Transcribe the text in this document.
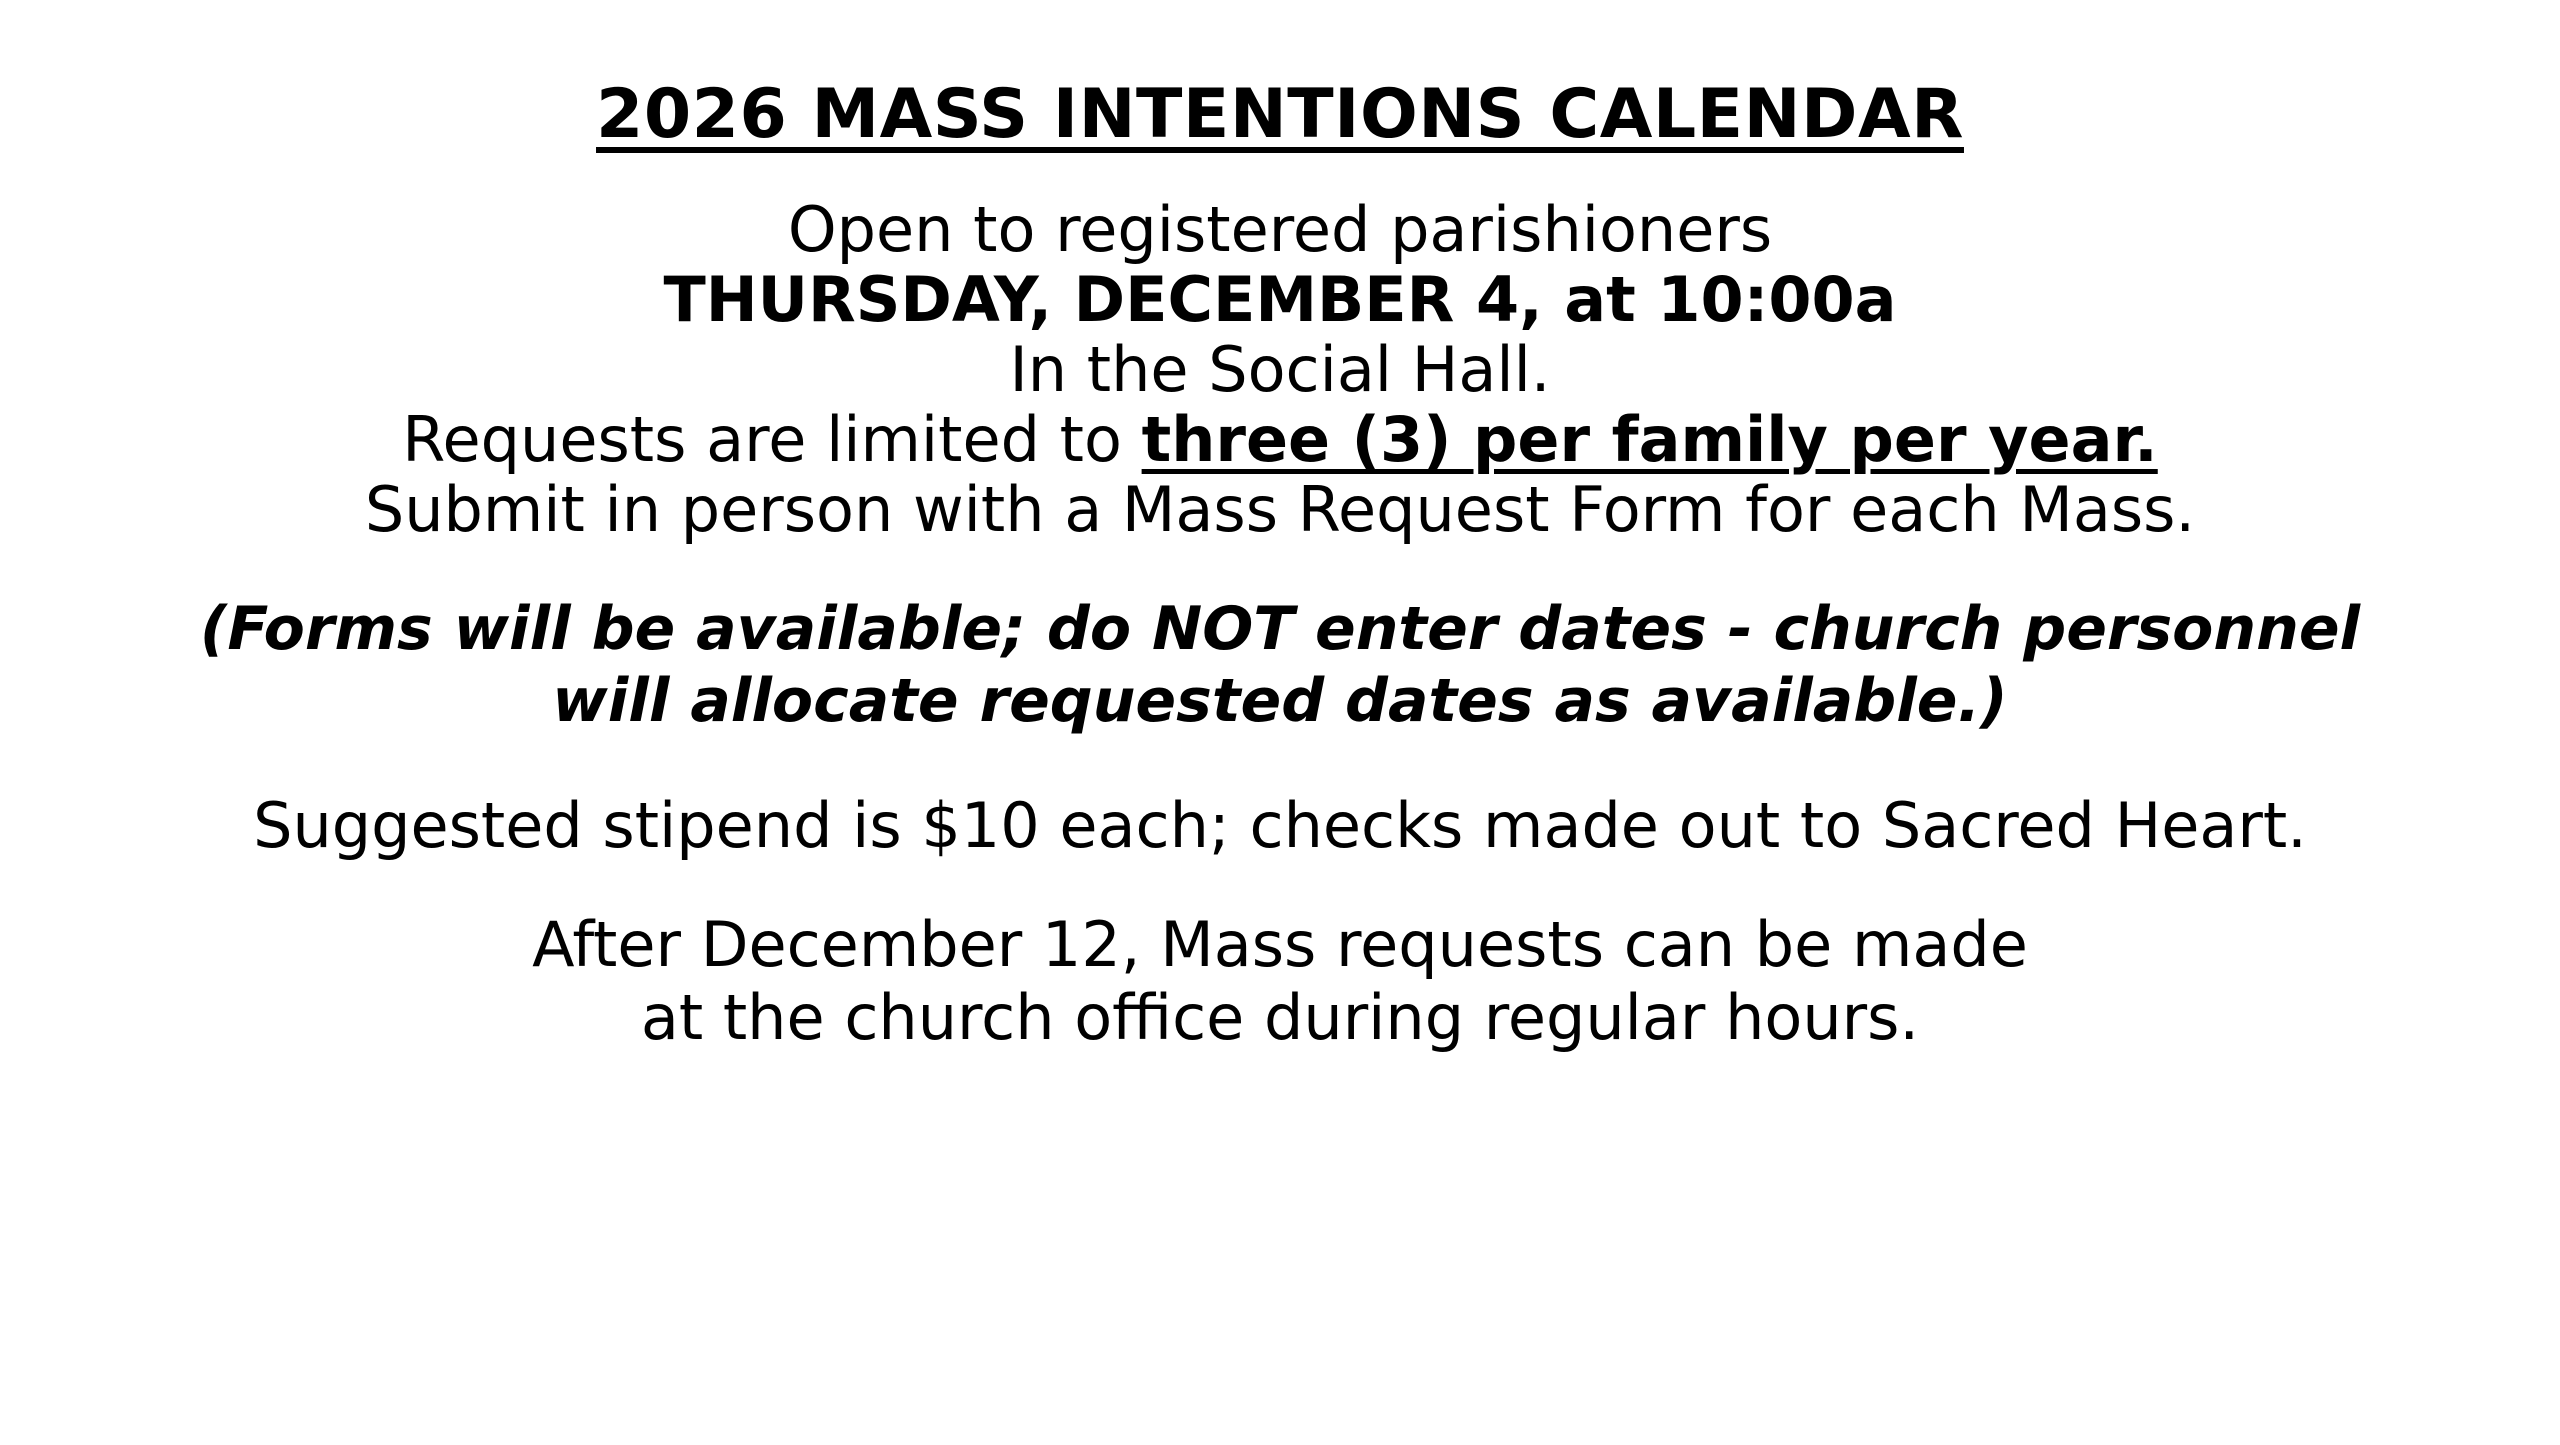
2026 MASS INTENTIONS CALENDAR
Open to registered parishioners
THURSDAY, DECEMBER 4, at 10:00a
In the Social Hall.
Requests are limited to three (3) per family per year.
Submit in person with a Mass Request Form for each Mass.
(Forms will be available; do NOT enter dates - church personnel
will allocate requested dates as available.)
Suggested stipend is $10 each; checks made out to Sacred Heart.
After December 12, Mass requests can be made
at the church office during regular hours.
